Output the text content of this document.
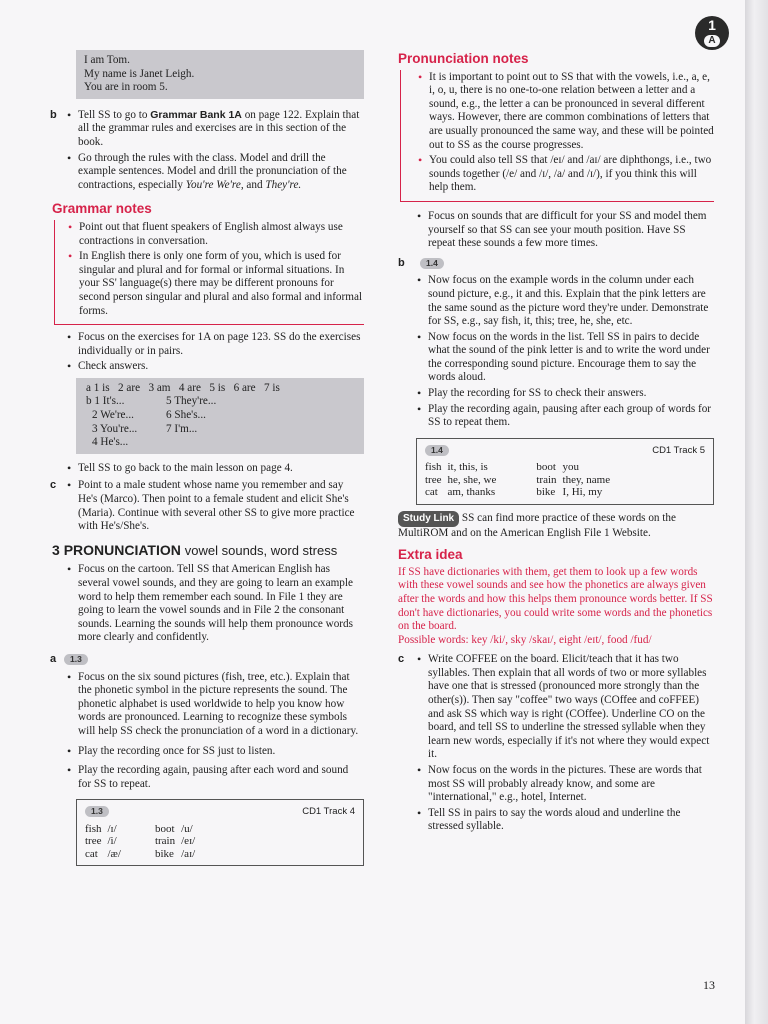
1
A
I am Tom.
My name is Janet Leigh.
You are in room 5.
b • Tell SS to go to Grammar Bank 1A on page 122. Explain that all the grammar rules and exercises are in this section of the book.
• Go through the rules with the class. Model and drill the example sentences. Model and drill the pronunciation of the contractions, especially You're We're, and They're.
Grammar notes
• Point out that fluent speakers of English almost always use contractions in conversation.
• In English there is only one form of you, which is used for singular and plural and for formal or informal situations. In your SS' language(s) there may be different pronouns for second person singular and plural and also formal and informal forms.
• Focus on the exercises for 1A on page 123. SS do the exercises individually or in pairs.
• Check answers.
a 1 is   2 are   3 am   4 are   5 is   6 are   7 is
b 1 It's...	5 They're...
2 We're...	6 She's...
3 You're...	7 I'm...
4 He's...
• Tell SS to go back to the main lesson on page 4.
c • Point to a male student whose name you remember and say He's (Marco). Then point to a female student and elicit She's (Maria). Continue with several other SS to give more practice with He's/She's.
3 PRONUNCIATION vowel sounds, word stress
• Focus on the cartoon. Tell SS that American English has several vowel sounds, and they are going to learn an example word to help them remember each sound. In File 1 they are going to learn the vowel sounds and in File 2 the consonant sounds. Learning the sounds will help them pronounce words more clearly and confidently.
a 1.3
• Focus on the six sound pictures (fish, tree, etc.). Explain that the phonetic symbol in the picture represents the sound. The phonetic alphabet is used worldwide to help you know how words are pronounced. Learning to recognize these symbols will help SS check the pronunciation of a word in a dictionary.
• Play the recording once for SS just to listen.
• Play the recording again, pausing after each word and sound for SS to repeat.
1.3	CD1 Track 4
fish	/ɪ/	boot	/u/
tree	/i/	train	/eɪ/
cat	/æ/	bike	/aɪ/
Pronunciation notes
• It is important to point out to SS that with the vowels, i.e., a, e, i, o, u, there is no one-to-one relation between a letter and a sound, e.g., the letter a can be pronounced in several different ways. However, there are common combinations of letters that are usually pronounced the same way, and these will be pointed out to SS as the course progresses.
• You could also tell SS that /eɪ/ and /aɪ/ are diphthongs, i.e., two sounds together (/e/ and /ɪ/, /a/ and /ɪ/), if you think this will help them.
• Focus on sounds that are difficult for your SS and model them yourself so that SS can see your mouth position. Have SS repeat these sounds a few more times.
b	1.4
• Now focus on the example words in the column under each sound picture, e.g., it and this. Explain that the pink letters are the same sound as the picture word they're under. Demonstrate for SS, e.g., say fish, it, this; tree, he, she, etc.
• Now focus on the words in the list. Tell SS in pairs to decide what the sound of the pink letter is and to write the word under the corresponding sound picture. Encourage them to say the words aloud.
• Play the recording for SS to check their answers.
• Play the recording again, pausing after each group of words for SS to repeat them.
1.4	CD1 Track 5
fish	it, this, is	boot	you
tree	he, she, we	train	they, name
cat	am, thanks	bike	I, Hi, my
Study Link SS can find more practice of these words on the MultiROM and on the American English File 1 Website.
Extra idea
If SS have dictionaries with them, get them to look up a few words with these vowel sounds and see how the phonetics are always given after the words and how this helps them pronounce words better. If SS don't have dictionaries, you could write some words and the phonetics on the board.
Possible words: key /ki/, sky /skaɪ/, eight /eɪt/, food /fud/
c • Write COFFEE on the board. Elicit/teach that it has two syllables. Then explain that all words of two or more syllables have one that is stressed (pronounced more strongly than the other(s)). Then say "coffee" two ways (COffee and coFFEE) and ask SS which way is right (COffee). Underline CO on the board, and tell SS to underline the stressed syllable when they learn new words, especially if it's not where they would expect it.
• Now focus on the words in the pictures. These are words that most SS will probably already know, and some are "international," e.g., hotel, Internet.
• Tell SS in pairs to say the words aloud and underline the stressed syllable.
13
